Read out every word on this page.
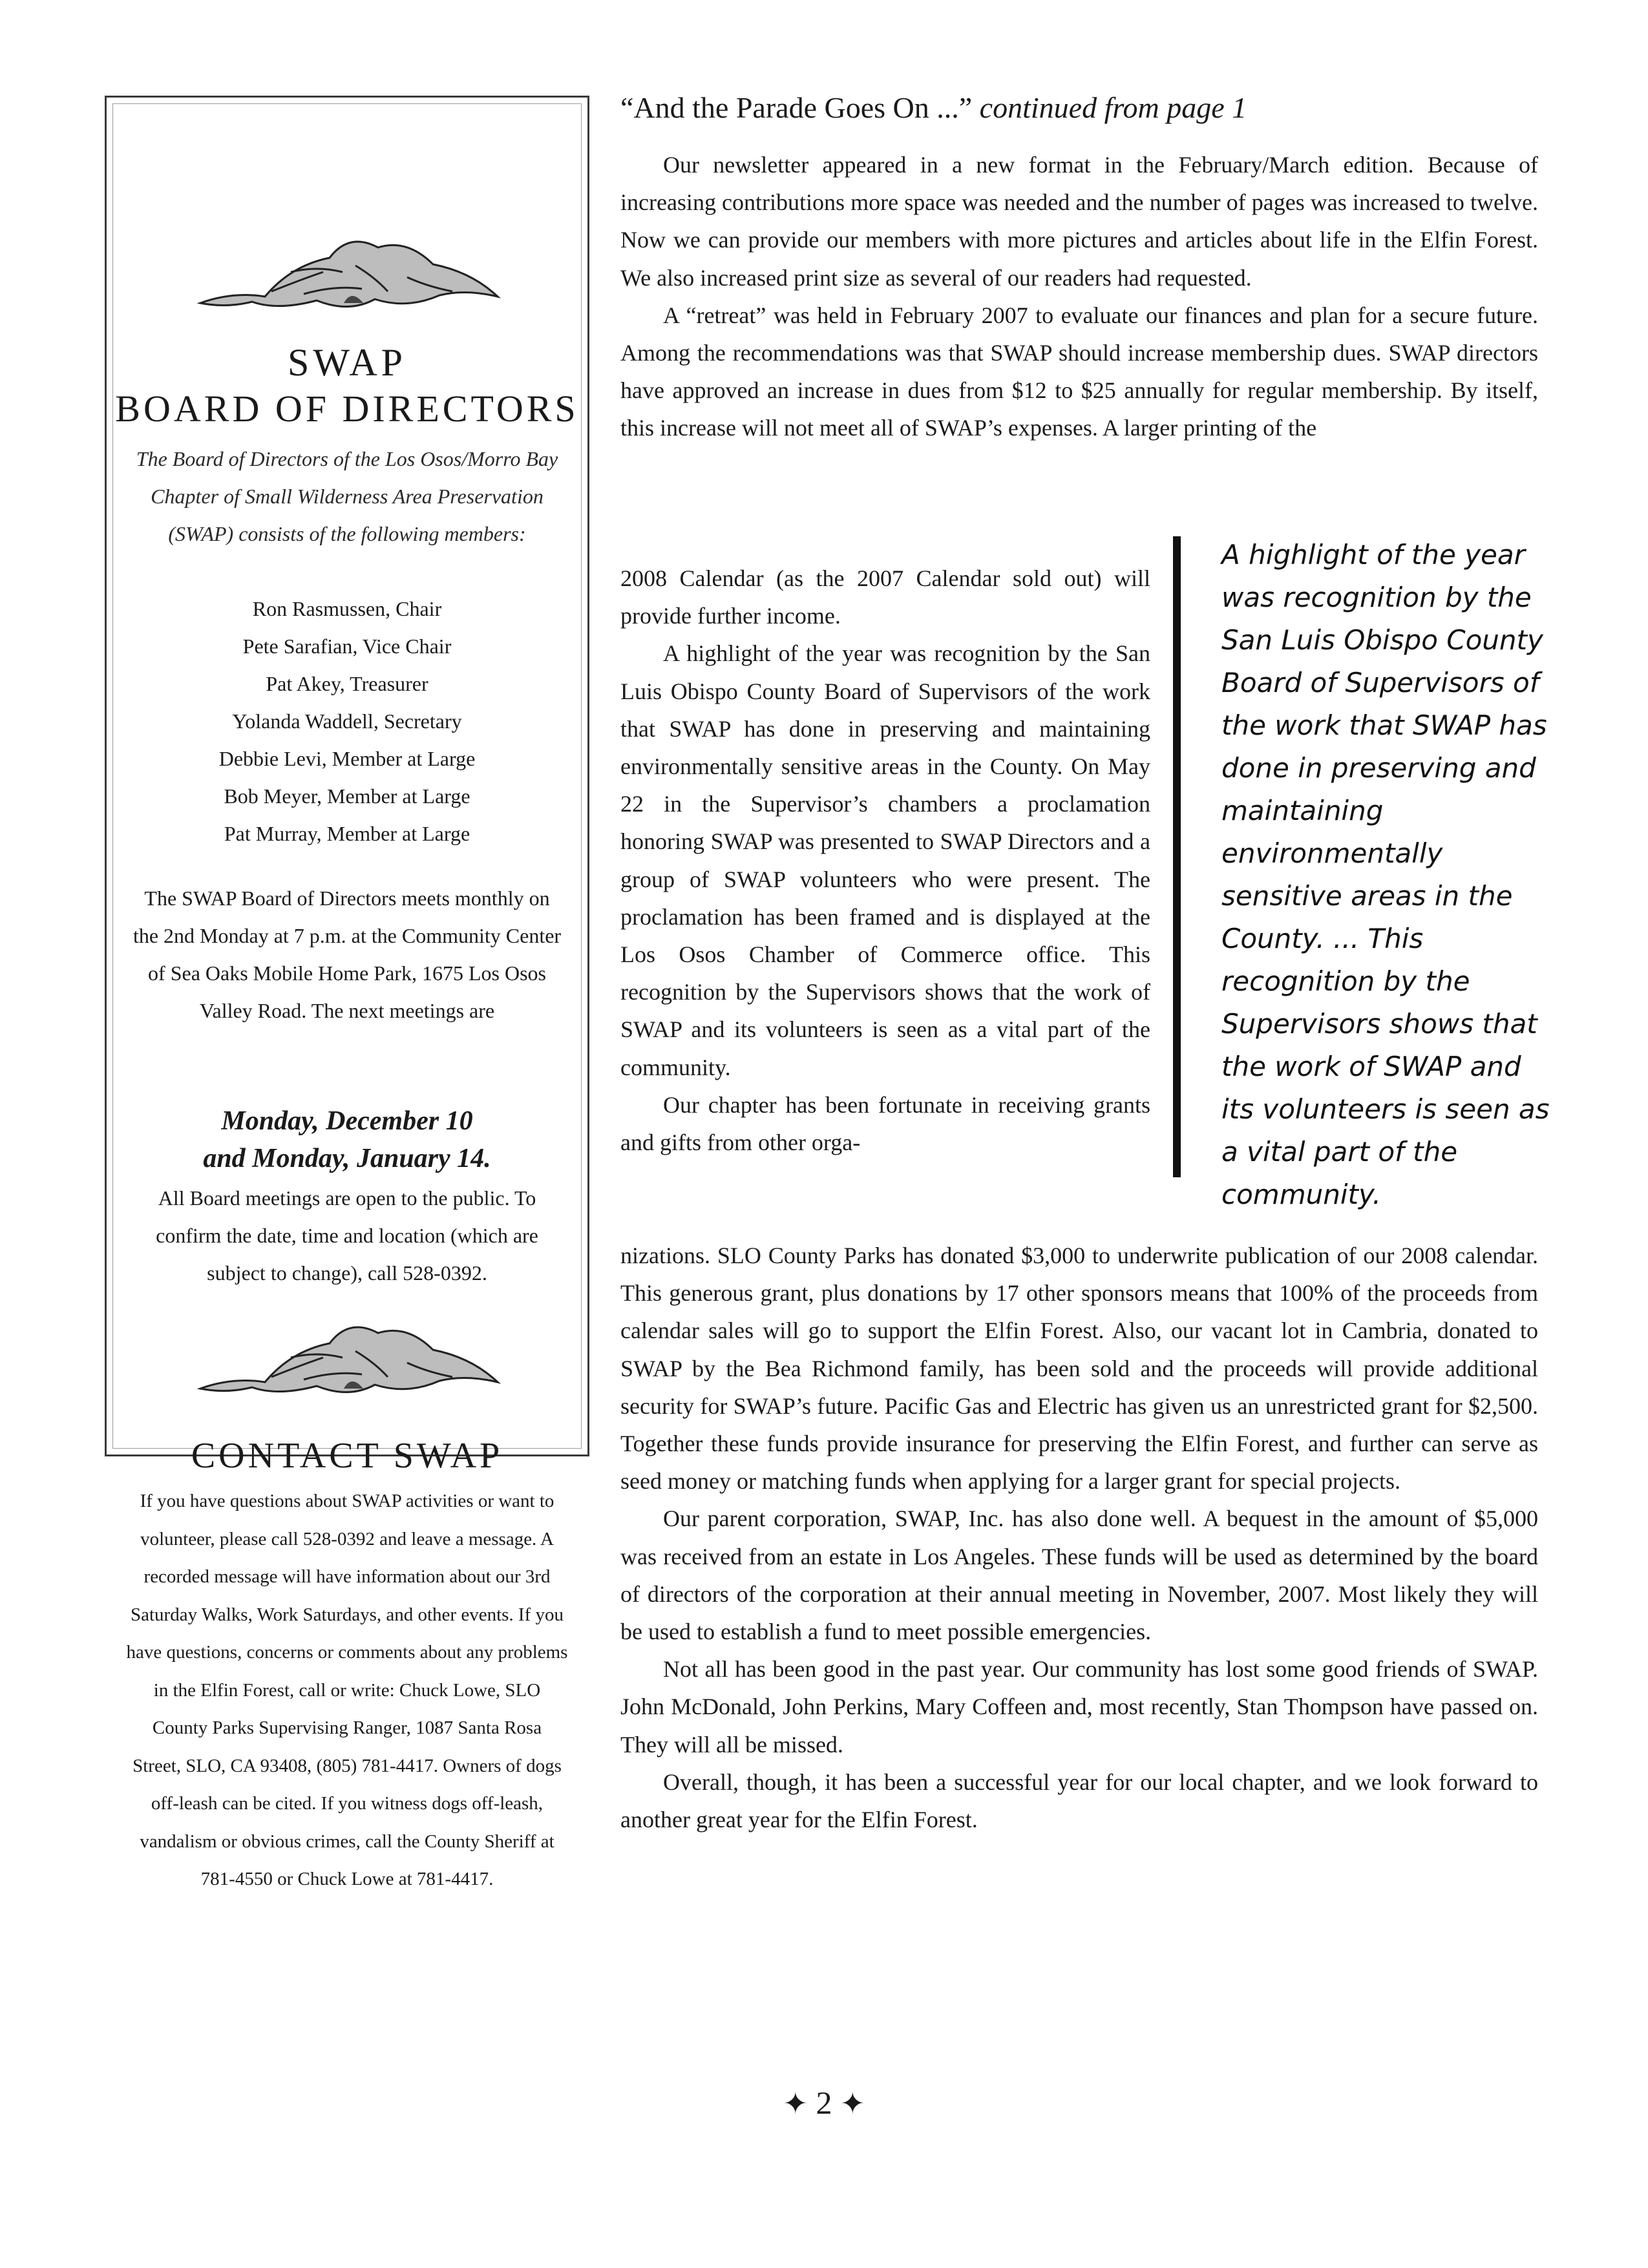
SWAP
BOARD OF DIRECTORS
The Board of Directors of the Los Osos/Morro Bay Chapter of Small Wilderness Area Preservation (SWAP) consists of the following members:
Ron Rasmussen, Chair
Pete Sarafian, Vice Chair
Pat Akey, Treasurer
Yolanda Waddell, Secretary
Debbie Levi, Member at Large
Bob Meyer, Member at Large
Pat Murray, Member at Large
The SWAP Board of Directors meets monthly on the 2nd Monday at 7 p.m. at the Community Center of Sea Oaks Mobile Home Park, 1675 Los Osos Valley Road. The next meetings are
Monday, December 10
and Monday, January 14.
All Board meetings are open to the public. To confirm the date, time and location (which are subject to change), call 528-0392.
CONTACT SWAP
If you have questions about SWAP activities or want to volunteer, please call 528-0392 and leave a message. A recorded message will have information about our 3rd Saturday Walks, Work Saturdays, and other events. If you have questions, concerns or comments about any problems in the Elfin Forest, call or write: Chuck Lowe, SLO County Parks Supervising Ranger, 1087 Santa Rosa Street, SLO, CA 93408, (805) 781-4417. Owners of dogs off-leash can be cited. If you witness dogs off-leash, vandalism or obvious crimes, call the County Sheriff at 781-4550 or Chuck Lowe at 781-4417.
“And the Parade Goes On ...” continued from page 1

Our newsletter appeared in a new format in the February/March edition. Because of increasing contributions more space was needed and the number of pages was increased to twelve. Now we can provide our members with more pictures and articles about life in the Elfin Forest. We also increased print size as several of our readers had requested.

A “retreat” was held in February 2007 to evaluate our finances and plan for a secure future. Among the recommendations was that SWAP should increase membership dues. SWAP directors have approved an increase in dues from $12 to $25 annually for regular membership. By itself, this increase will not meet all of SWAP’s expenses. A larger printing of the

2008 Calendar (as the 2007 Calendar sold out) will provide further income.

A highlight of the year was recognition by the San Luis Obispo County Board of Supervisors of the work that SWAP has done in preserving and maintaining environmentally sensitive areas in the County. On May 22 in the Supervisor’s chambers a proclamation honoring SWAP was presented to SWAP Directors and a group of SWAP volunteers who were present. The proclamation has been framed and is displayed at the Los Osos Chamber of Commerce office. This recognition by the Supervisors shows that the work of SWAP and its volunteers is seen as a vital part of the community.

Our chapter has been fortunate in receiving grants and gifts from other orga-

A highlight of the year was recognition by the San Luis Obispo County Board of Supervisors of the work that SWAP has done in preserving and maintaining environmentally sensitive areas in the County. ... This recognition by the Supervisors shows that the work of SWAP and its volunteers is seen as a vital part of the community.

nizations. SLO County Parks has donated $3,000 to underwrite publication of our 2008 calendar. This generous grant, plus donations by 17 other sponsors means that 100% of the proceeds from calendar sales will go to support the Elfin Forest. Also, our vacant lot in Cambria, donated to SWAP by the Bea Richmond family, has been sold and the proceeds will provide additional security for SWAP’s future. Pacific Gas and Electric has given us an unrestricted grant for $2,500. Together these funds provide insurance for preserving the Elfin Forest, and further can serve as seed money or matching funds when applying for a larger grant for special projects.

Our parent corporation, SWAP, Inc. has also done well. A bequest in the amount of $5,000 was received from an estate in Los Angeles. These funds will be used as determined by the board of directors of the corporation at their annual meeting in November, 2007. Most likely they will be used to establish a fund to meet possible emergencies.

Not all has been good in the past year. Our community has lost some good friends of SWAP. John McDonald, John Perkins, Mary Coffeen and, most recently, Stan Thompson have passed on. They will all be missed.

Overall, though, it has been a successful year for our local chapter, and we look forward to another great year for the Elfin Forest.

✦ 2 ✦
